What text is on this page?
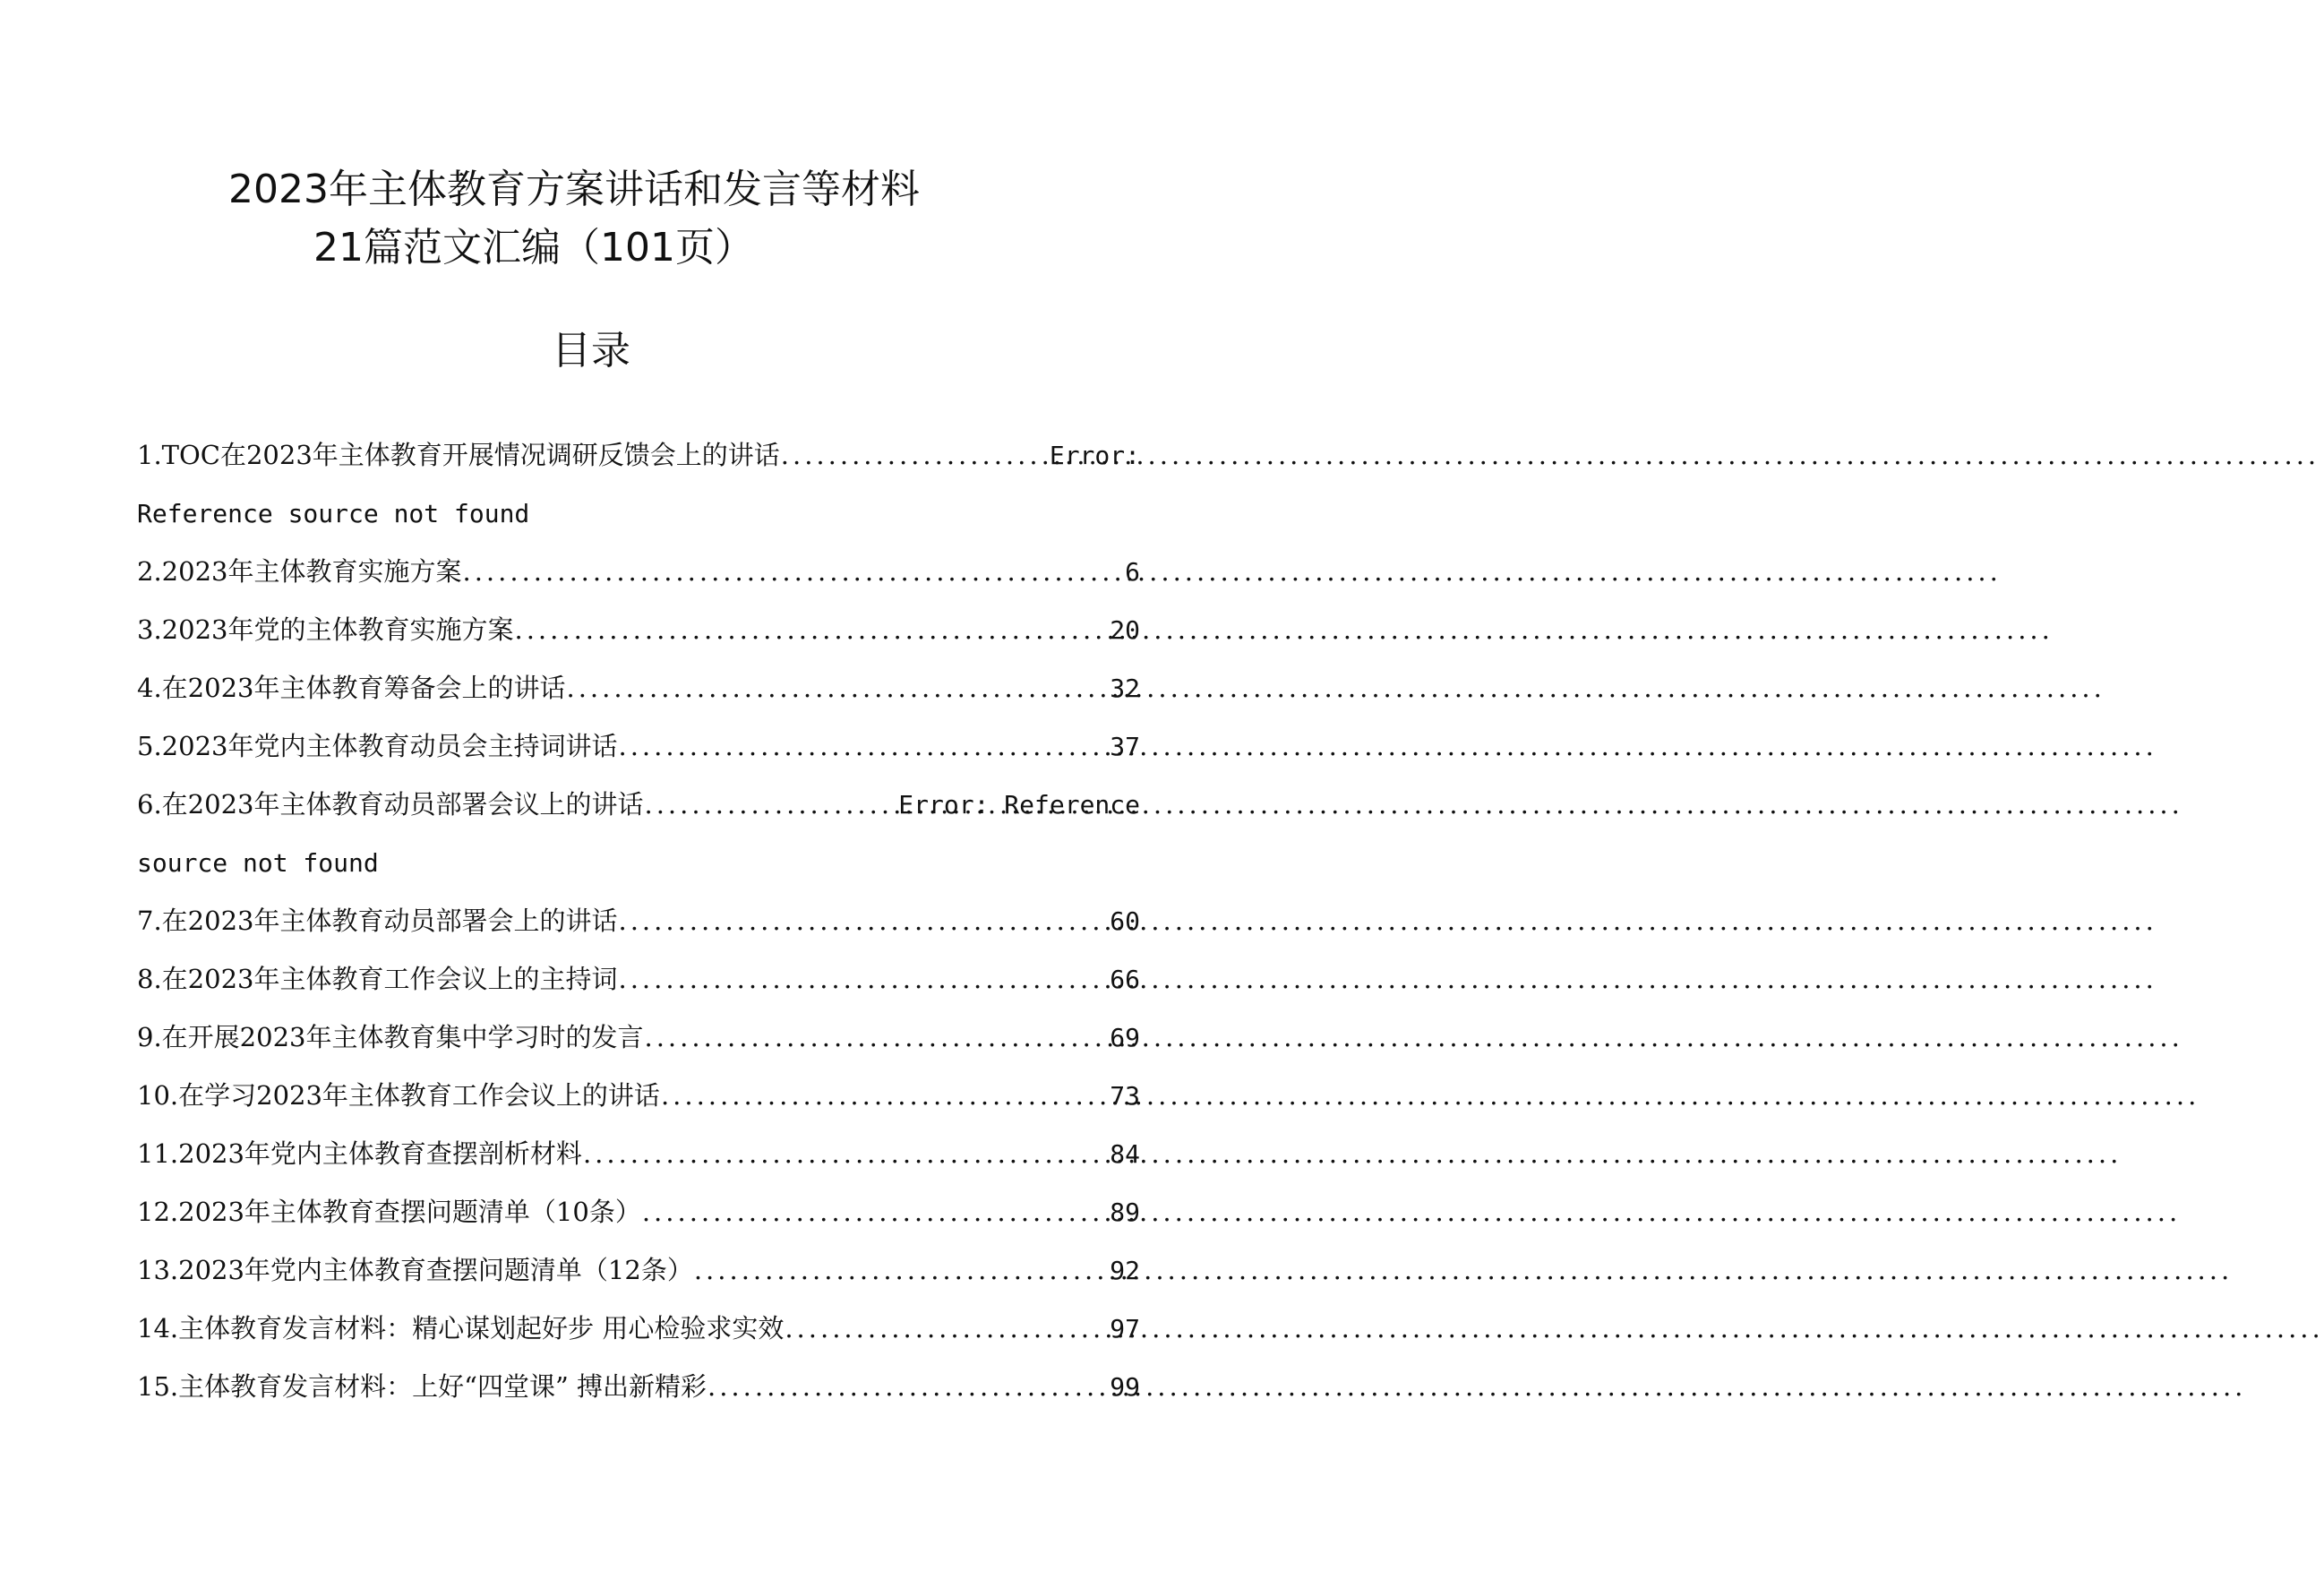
2023年主体教育方案讲话和发言等材料
21篇范文汇编（101页）
目录
1.TOC在2023年主体教育开展情况调研反馈会上的讲话 .....	Error:
Reference source not found
2.2023年主体教育实施方案 .....	6
3.2023年党的主体教育实施方案 .....	20
4.在2023年主体教育筹备会上的讲话 .....	32
5.2023年党内主体教育动员会主持词讲话 .....	37
6.在2023年主体教育动员部署会议上的讲话 .....	Error: Reference
source not found
7.在2023年主体教育动员部署会上的讲话 .....	60
8.在2023年主体教育工作会议上的主持词 .....	66
9.在开展2023年主体教育集中学习时的发言 .....	69
10.在学习2023年主体教育工作会议上的讲话 .....	73
11.2023年党内主体教育查摆剖析材料 .....	84
12.2023年主体教育查摆问题清单（10条） .....	89
13.2023年党内主体教育查摆问题清单（12条） .....	92
14.主体教育发言材料：精心谋划起好步 用心检验求实效 .....	97
15.主体教育发言材料：上好“四堂课” 搏出新精彩 .....	99
